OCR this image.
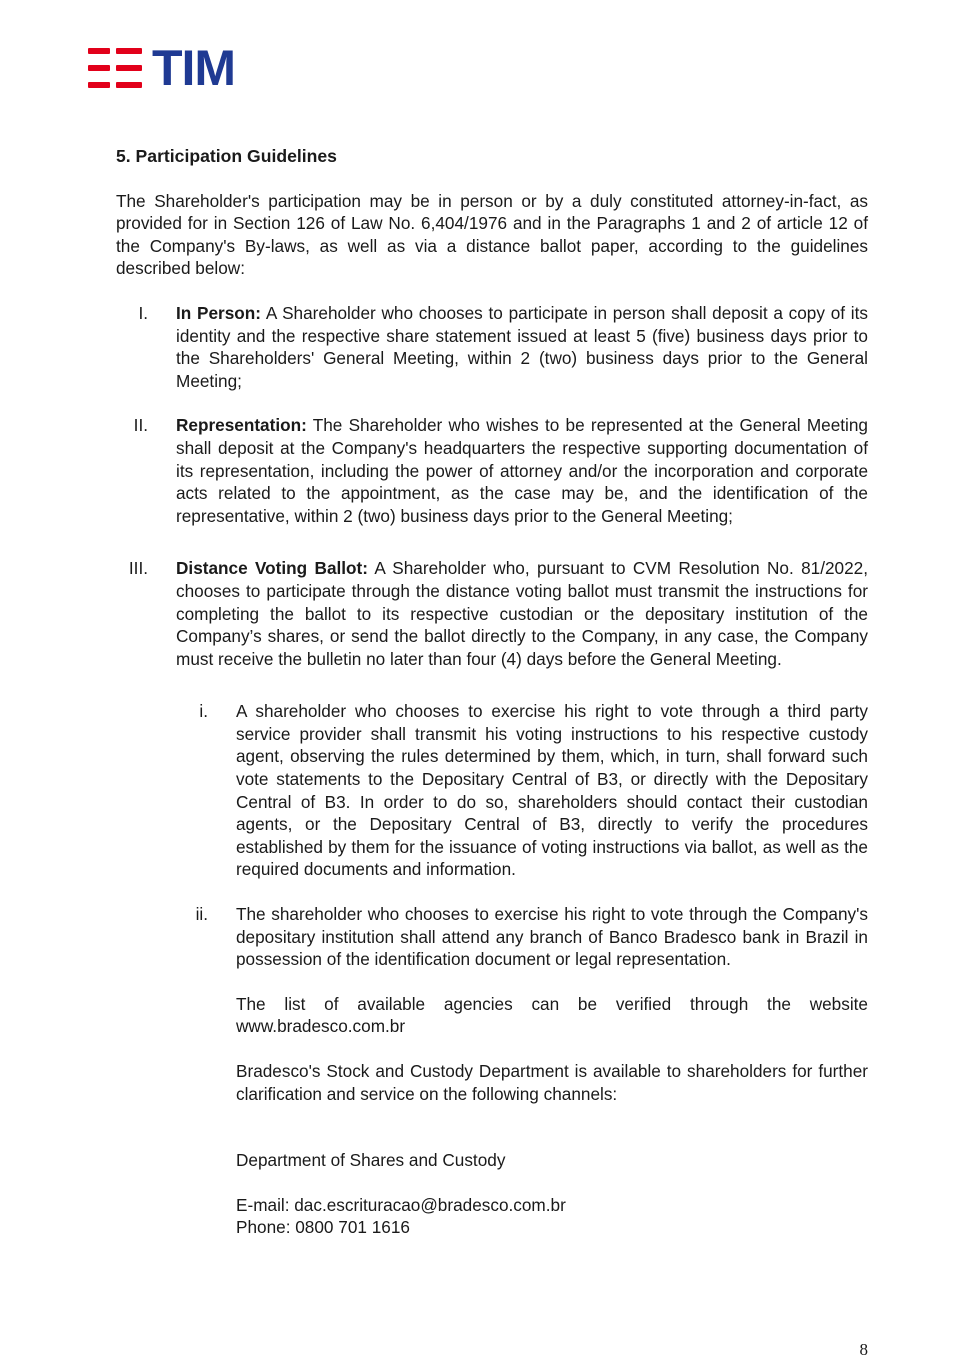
TIM

5. Participation Guidelines

The Shareholder's participation may be in person or by a duly constituted attorney-in-fact, as provided for in Section 126 of Law No. 6,404/1976 and in the Paragraphs 1 and 2 of article 12 of the Company's By-laws, as well as via a distance ballot paper, according to the guidelines described below:

I. In Person: A Shareholder who chooses to participate in person shall deposit a copy of its identity and the respective share statement issued at least 5 (five) business days prior to the Shareholders' General Meeting, within 2 (two) business days prior to the General Meeting;
II. Representation: The Shareholder who wishes to be represented at the General Meeting shall deposit at the Company's headquarters the respective supporting documentation of its representation, including the power of attorney and/or the incorporation and corporate acts related to the appointment, as the case may be, and the identification of the representative, within 2 (two) business days prior to the General Meeting;
III. Distance Voting Ballot: A Shareholder who, pursuant to CVM Resolution No. 81/2022, chooses to participate through the distance voting ballot must transmit the instructions for completing the ballot to its respective custodian or the depositary institution of the Company’s shares, or send the ballot directly to the Company, in any case, the Company must receive the bulletin no later than four (4) days before the General Meeting.
i. A shareholder who chooses to exercise his right to vote through a third party service provider shall transmit his voting instructions to his respective custody agent, observing the rules determined by them, which, in turn, shall forward such vote statements to the Depositary Central of B3, or directly with the Depositary Central of B3. In order to do so, shareholders should contact their custodian agents, or the Depositary Central of B3, directly to verify the procedures established by them for the issuance of voting instructions via ballot, as well as the required documents and information.
ii. The shareholder who chooses to exercise his right to vote through the Company's depositary institution shall attend any branch of Banco Bradesco bank in Brazil in possession of the identification document or legal representation.

The list of available agencies can be verified through the website www.bradesco.com.br

Bradesco's Stock and Custody Department is available to shareholders for further clarification and service on the following channels:

Department of Shares and Custody

E-mail: dac.escrituracao@bradesco.com.br

Phone: 0800 701 1616

8
